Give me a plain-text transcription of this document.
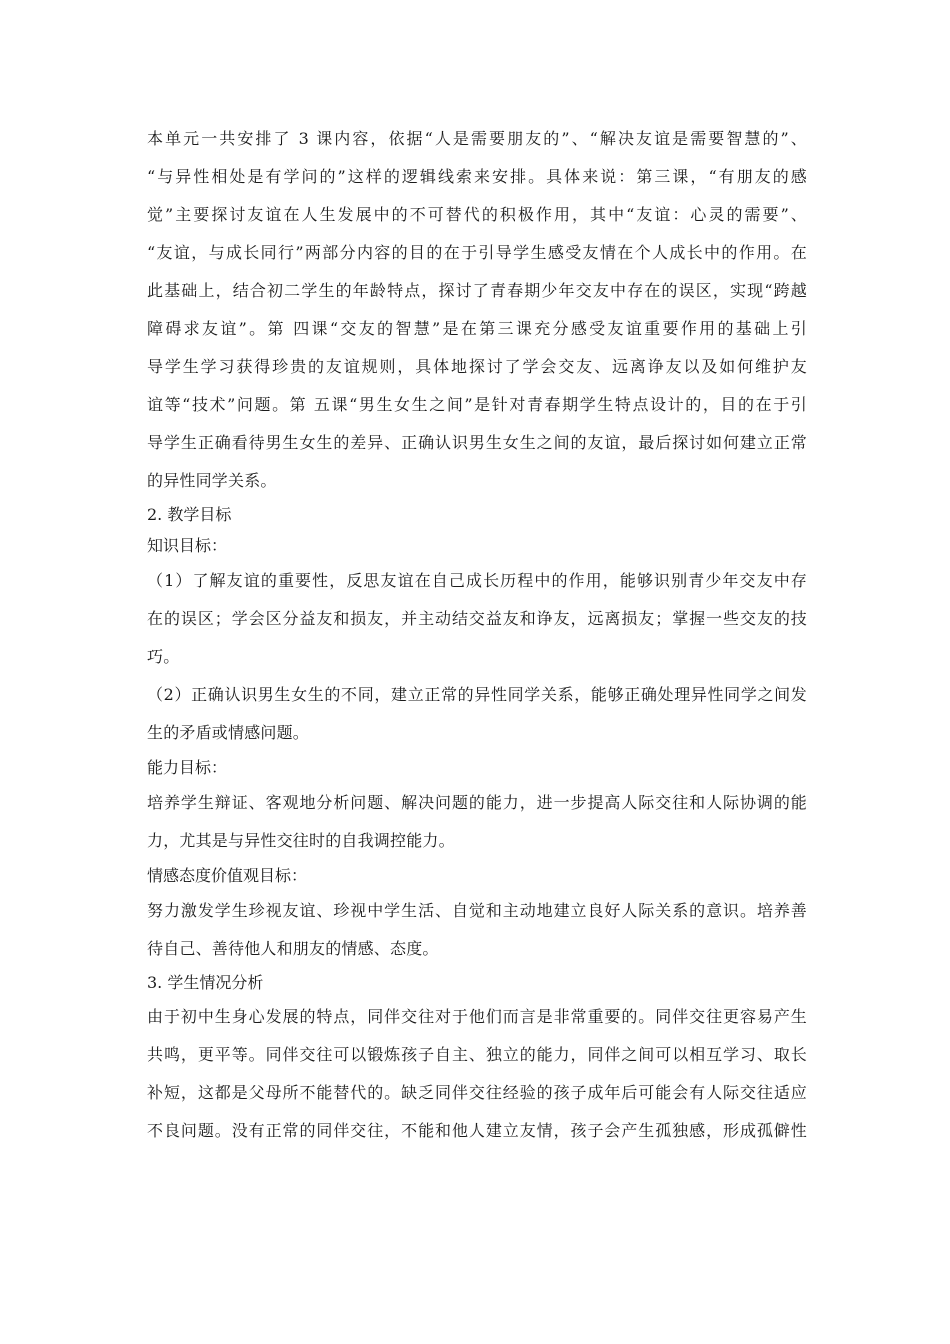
本单元一共安排了 3 课内容，依据“人是需要朋友的”、“解决友谊是需要智慧的”、
“与异性相处是有学问的”这样的逻辑线索来安排。具体来说：第三课，“有朋友的感
觉”主要探讨友谊在人生发展中的不可替代的积极作用，其中“友谊：心灵的需要”、
“友谊，与成长同行”两部分内容的目的在于引导学生感受友情在个人成长中的作用。在
此基础上，结合初二学生的年龄特点，探讨了青春期少年交友中存在的误区，实现“跨越
障碍求友谊”。第 四课“交友的智慧”是在第三课充分感受友谊重要作用的基础上引
导学生学习获得珍贵的友谊规则，具体地探讨了学会交友、远离诤友以及如何维护友
谊等“技术”问题。第 五课“男生女生之间”是针对青春期学生特点设计的，目的在于引
导学生正确看待男生女生的差异、正确认识男生女生之间的友谊，最后探讨如何建立正常
的异性同学关系。
2. 教学目标
知识目标：
（1）了解友谊的重要性，反思友谊在自己成长历程中的作用，能够识别青少年交友中存
在的误区；学会区分益友和损友，并主动结交益友和诤友，远离损友；掌握一些交友的技
巧。
（2）正确认识男生女生的不同，建立正常的异性同学关系，能够正确处理异性同学之间发
生的矛盾或情感问题。
能力目标：
培养学生辩证、客观地分析问题、解决问题的能力，进一步提高人际交往和人际协调的能
力，尤其是与异性交往时的自我调控能力。
情感态度价值观目标：
努力激发学生珍视友谊、珍视中学生活、自觉和主动地建立良好人际关系的意识。培养善
待自己、善待他人和朋友的情感、态度。
3. 学生情况分析
由于初中生身心发展的特点，同伴交往对于他们而言是非常重要的。同伴交往更容易产生
共鸣，更平等。同伴交往可以锻炼孩子自主、独立的能力，同伴之间可以相互学习、取长
补短，这都是父母所不能替代的。缺乏同伴交往经验的孩子成年后可能会有人际交往适应
不良问题。没有正常的同伴交往，不能和他人建立友情，孩子会产生孤独感，形成孤僻性
